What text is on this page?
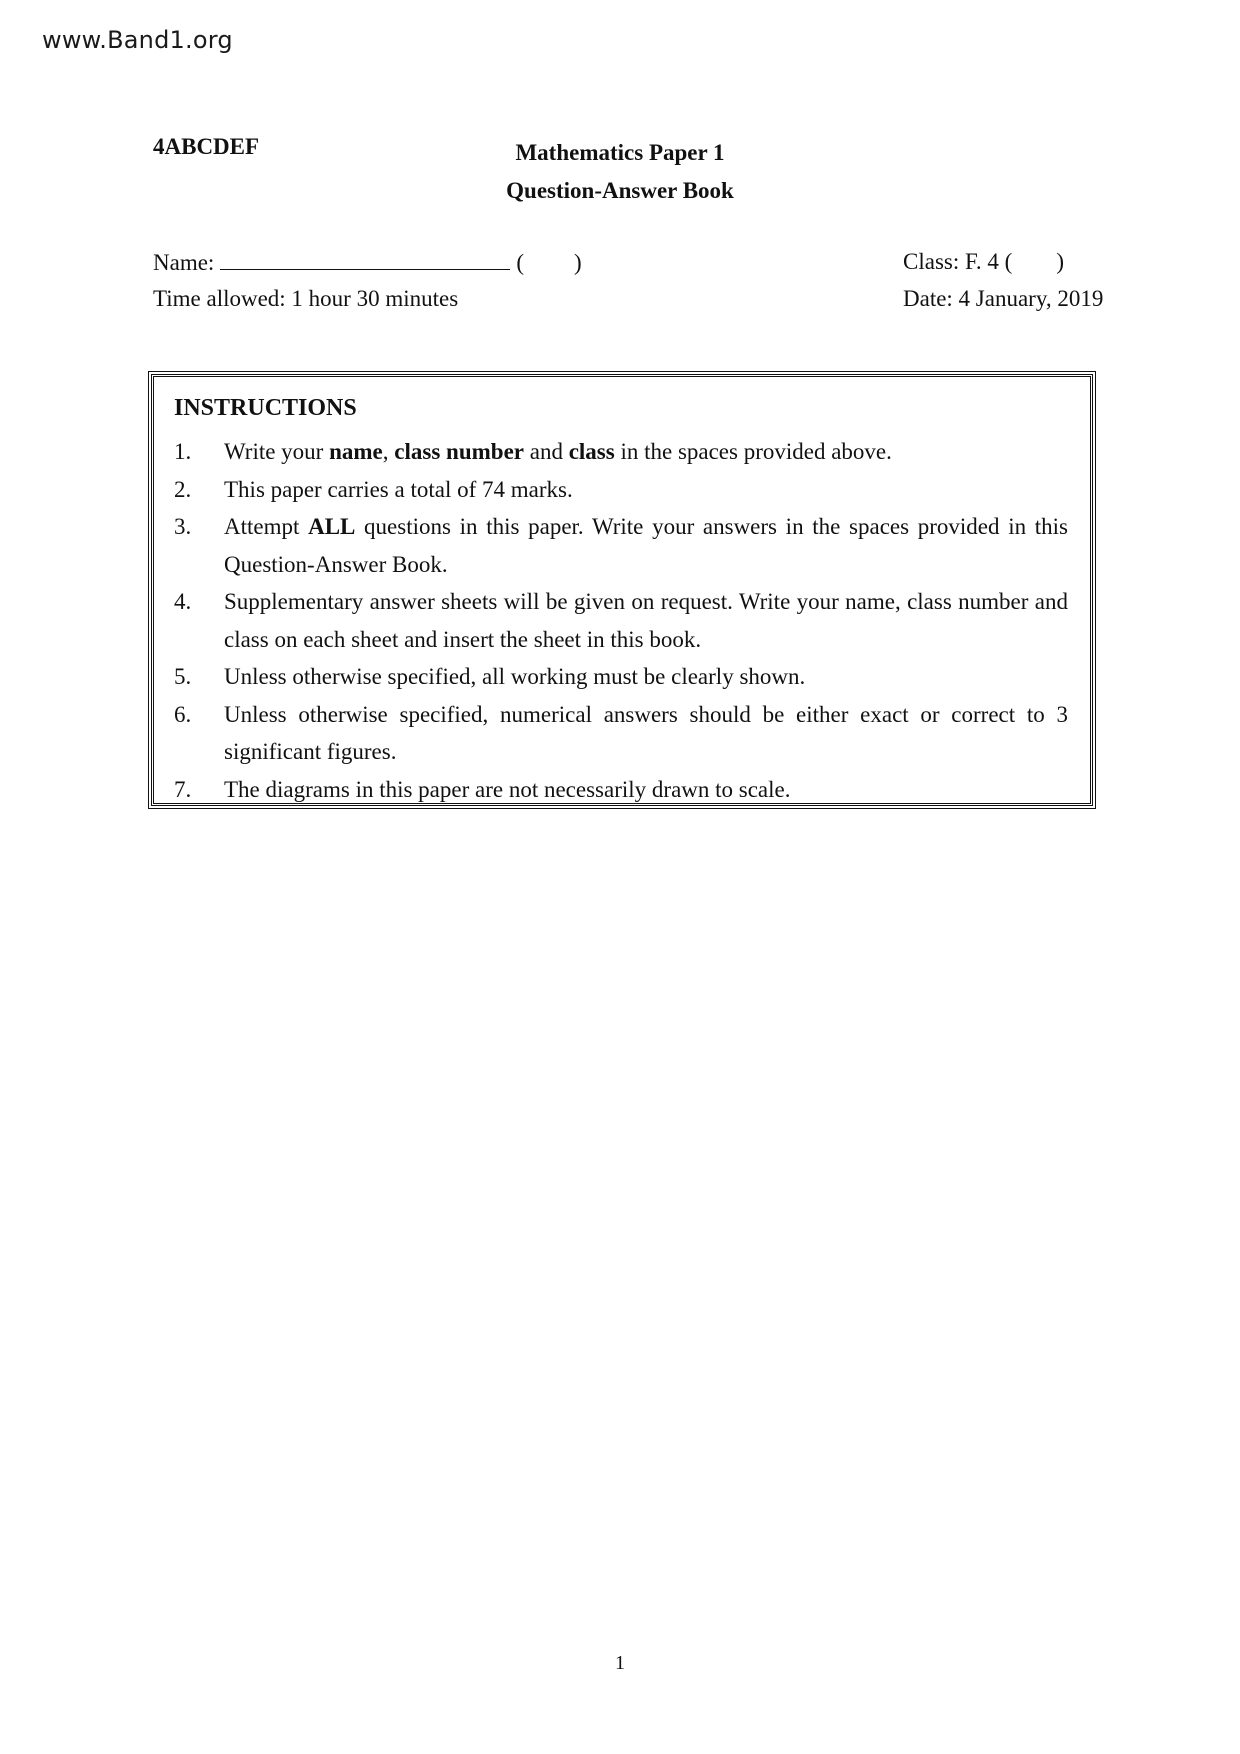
www.Band1.org
4ABCDEF	Mathematics Paper 1
Question-Answer Book
Name:	( )	Class: F. 4 ( )
Time allowed: 1 hour 30 minutes	Date: 4 January, 2019
INSTRUCTIONS
1.	Write your name, class number and class in the spaces provided above.
2.	This paper carries a total of 74 marks.
3.	Attempt ALL questions in this paper. Write your answers in the spaces provided in this Question-Answer Book.
4.	Supplementary answer sheets will be given on request. Write your name, class number and class on each sheet and insert the sheet in this book.
5.	Unless otherwise specified, all working must be clearly shown.
6.	Unless otherwise specified, numerical answers should be either exact or correct to 3 significant figures.
7.	The diagrams in this paper are not necessarily drawn to scale.
1
